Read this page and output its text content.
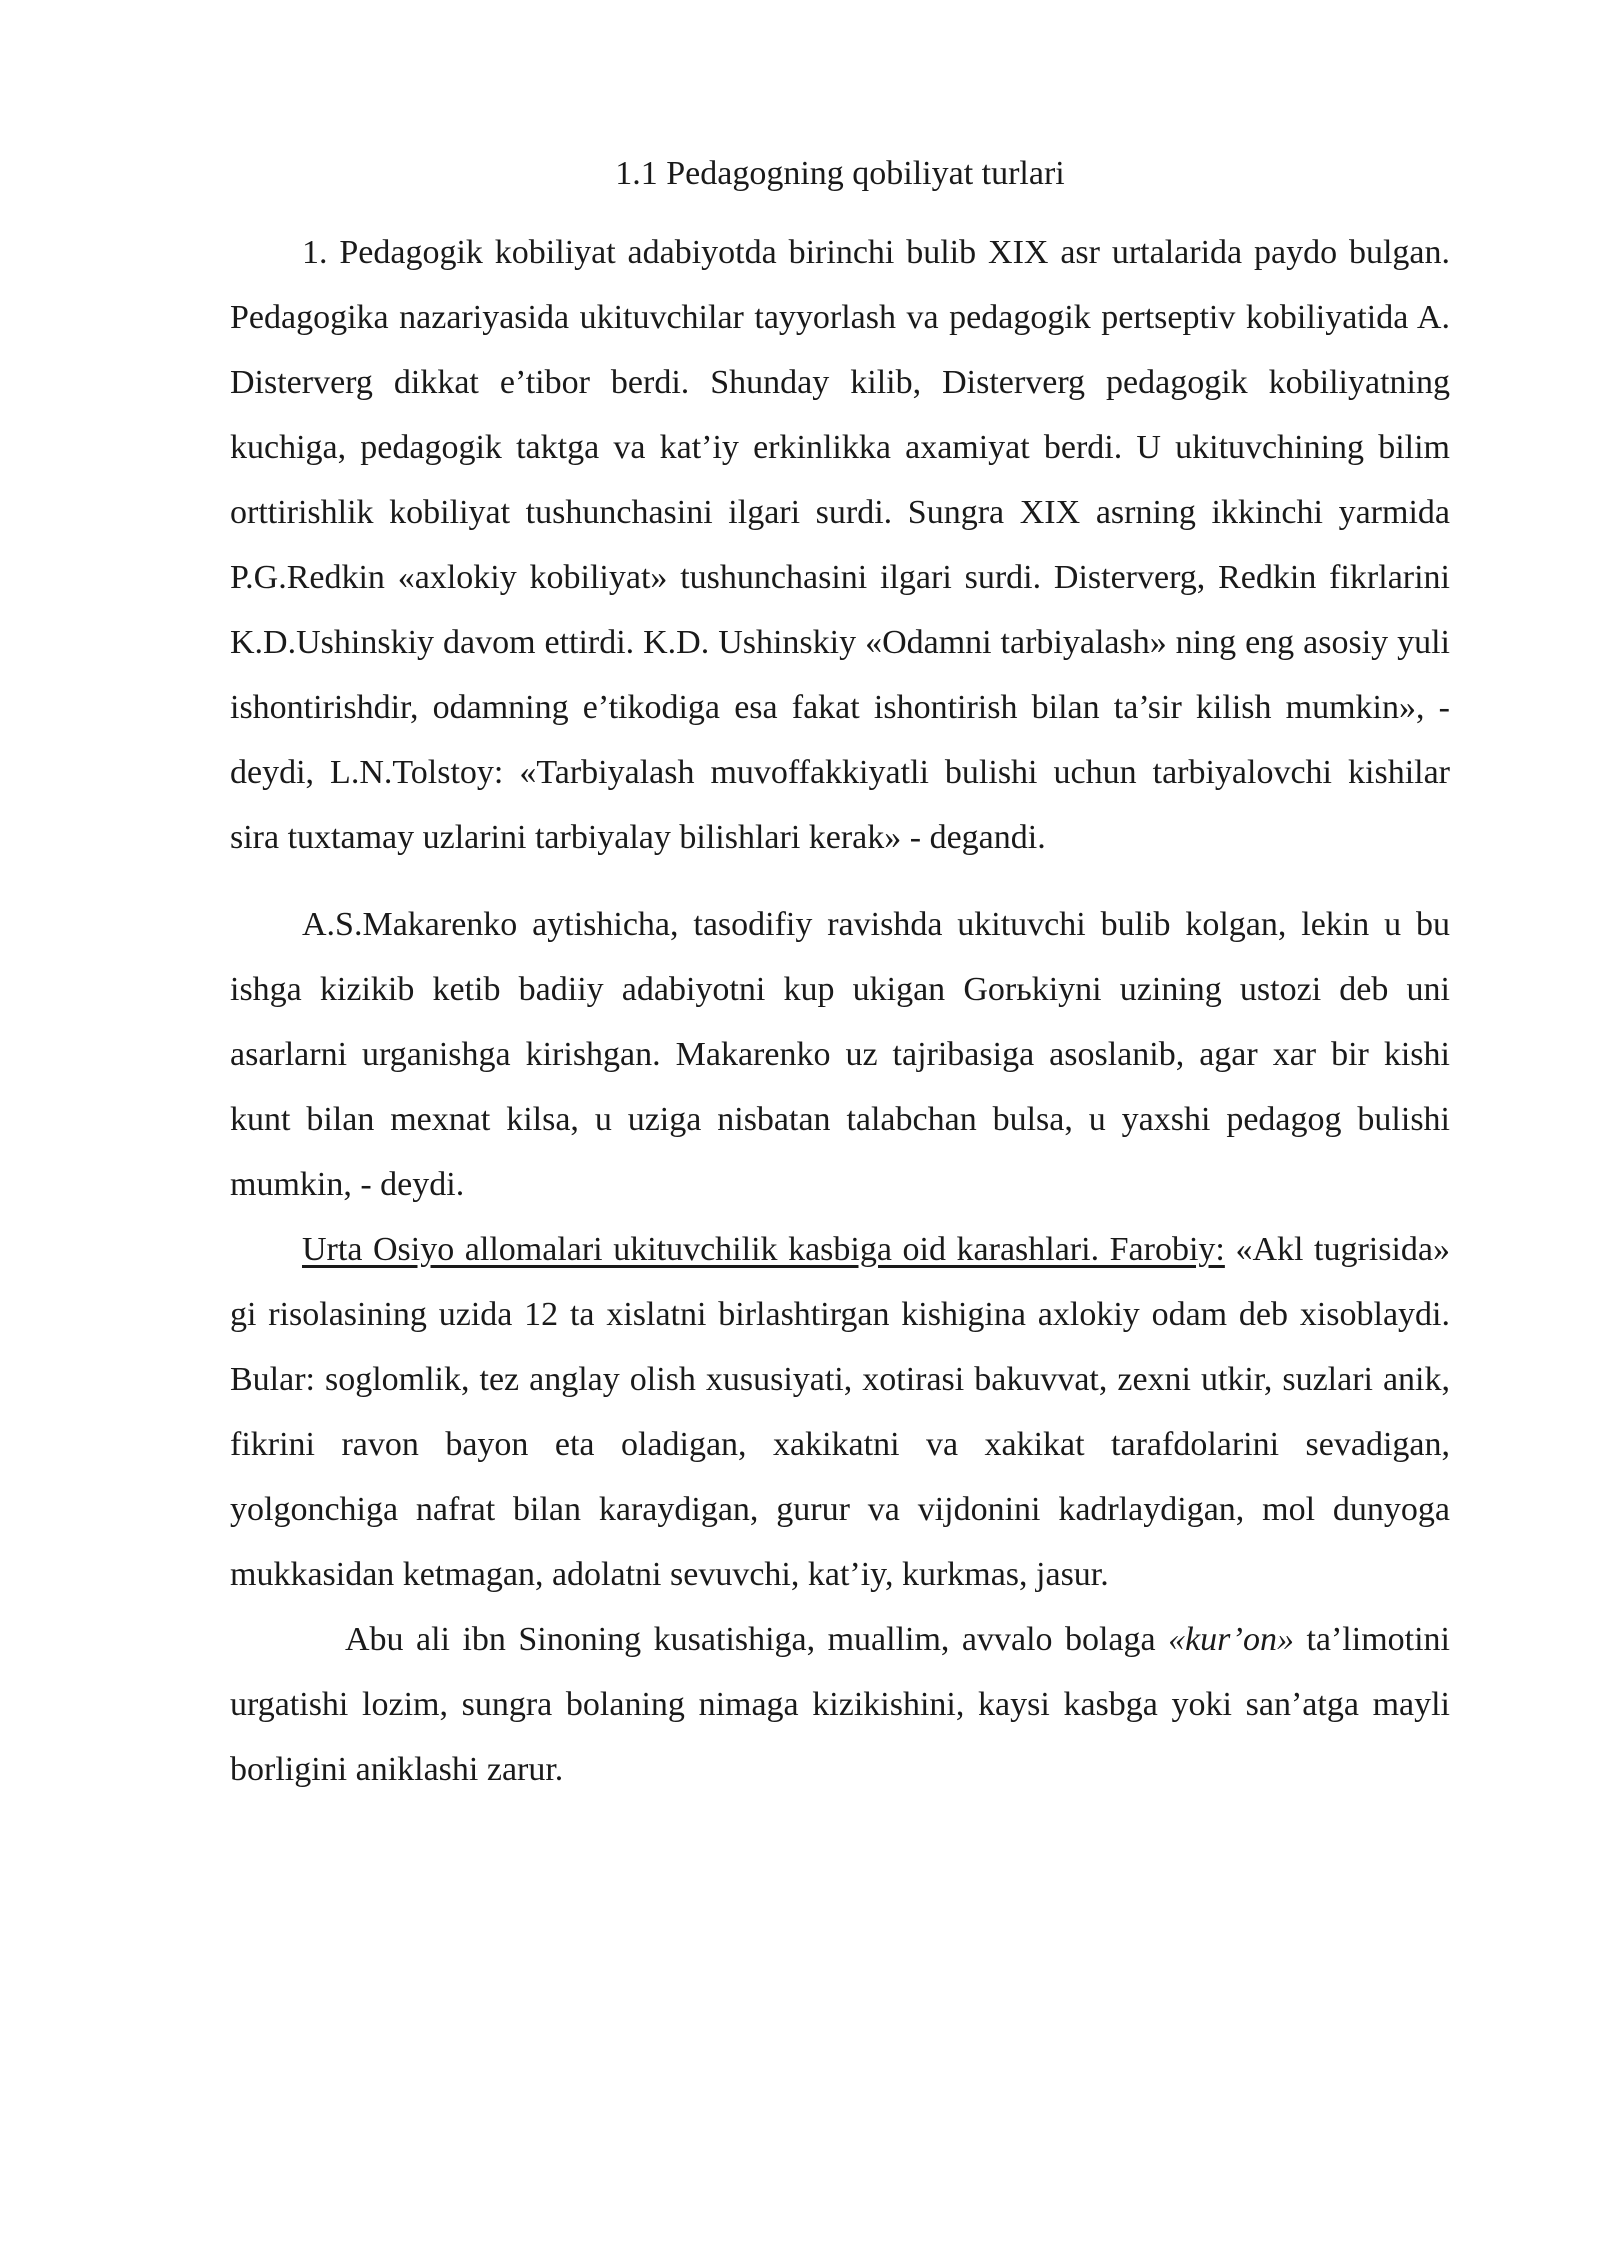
1.1 Pedagogning qobiliyat turlari

1. Pedagogik kobiliyat adabiyotda birinchi bulib XIX asr urtalarida paydo bulgan. Pedagogika nazariyasida ukituvchilar tayyorlash va pedagogik pertseptiv kobiliyatida A. Disterverg dikkat e’tibor berdi. Shunday kilib, Disterverg pedagogik kobiliyatning kuchiga, pedagogik taktga va kat’iy erkinlikka axamiyat berdi. U ukituvchining bilim orttirishlik kobiliyat tushunchasini ilgari surdi. Sungra XIX asrning ikkinchi yarmida P.G.Redkin «axlokiy kobiliyat» tushunchasini ilgari surdi. Disterverg, Redkin fikrlarini K.D.Ushinskiy davom ettirdi. K.D. Ushinskiy «Odamni tarbiyalash» ning eng asosiy yuli ishontirishdir, odamning e’tikodiga esa fakat ishontirish bilan ta’sir kilish mumkin», - deydi, L.N.Tolstoy: «Tarbiyalash muvoffakkiyatli bulishi uchun tarbiyalovchi kishilar sira tuxtamay uzlarini tarbiyalay bilishlari kerak» - degandi.

A.S.Makarenko aytishicha, tasodifiy ravishda ukituvchi bulib kolgan, lekin u bu ishga kizikib ketib badiiy adabiyotni kup ukigan Gorьkiyni uzining ustozi deb uni asarlarni urganishga kirishgan. Makarenko uz tajribasiga asoslanib, agar xar bir kishi kunt bilan mexnat kilsa, u uziga nisbatan talabchan bulsa, u yaxshi pedagog bulishi mumkin, - deydi.

Urta Osiyo allomalari ukituvchilik kasbiga oid karashlari. Farobiy: «Akl tugrisida» gi risolasining uzida 12 ta xislatni birlashtirgan kishigina axlokiy odam deb xisoblaydi. Bular: soglomlik, tez anglay olish xususiyati, xotirasi bakuvvat, zexni utkir, suzlari anik, fikrini ravon bayon eta oladigan, xakikatni va xakikat tarafdolarini sevadigan, yolgonchiga nafrat bilan karaydigan, gurur va vijdonini kadrlaydigan, mol dunyoga mukkasidan ketmagan, adolatni sevuvchi, kat’iy, kurkmas, jasur.

Abu ali ibn Sinoning kusatishiga, muallim, avvalo bolaga «kur’on» ta’limotini urgatishi lozim, sungra bolaning nimaga kizikishini, kaysi kasbga yoki san’atga mayli borligini aniklashi zarur.
